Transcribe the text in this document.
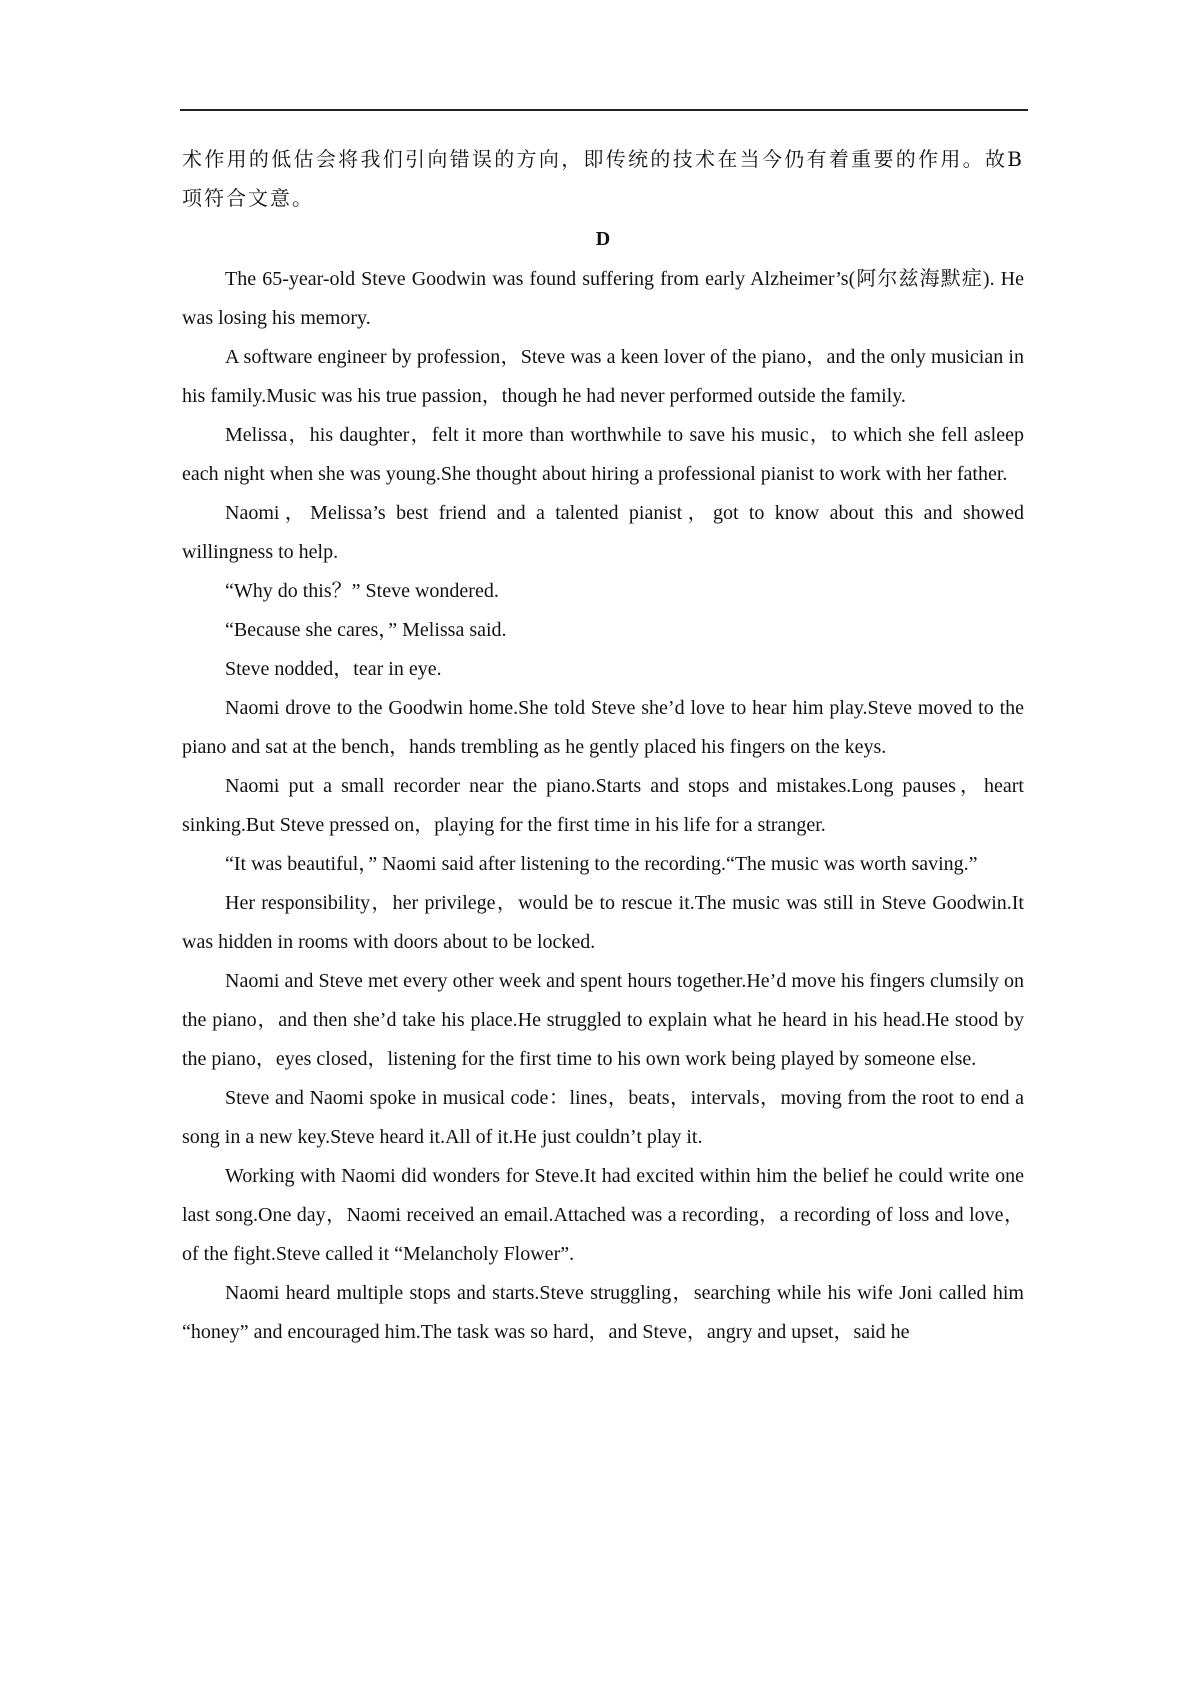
术作用的低估会将我们引向错误的方向，即传统的技术在当今仍有着重要的作用。故B项符合文意。

D

The 65-year-old Steve Goodwin was found suffering from early Alzheimer’s(阿尔兹海默症). He was losing his memory.

A software engineer by profession，Steve was a keen lover of the piano，and the only musician in his family.Music was his true passion，though he had never performed outside the family.

Melissa，his daughter，felt it more than worthwhile to save his music，to which she fell asleep each night when she was young.She thought about hiring a professional pianist to work with her father.

Naomi，Melissa’s best friend and a talented pianist，got to know about this and showed willingness to help.

“Why do this？” Steve wondered.

“Because she cares，” Melissa said.

Steve nodded，tear in eye.

Naomi drove to the Goodwin home.She told Steve she’d love to hear him play.Steve moved to the piano and sat at the bench，hands trembling as he gently placed his fingers on the keys.

Naomi put a small recorder near the piano.Starts and stops and mistakes.Long pauses，heart sinking.But Steve pressed on，playing for the first time in his life for a stranger.

“It was beautiful，” Naomi said after listening to the recording.“The music was worth saving.”

Her responsibility，her privilege，would be to rescue it.The music was still in Steve Goodwin.It was hidden in rooms with doors about to be locked.

Naomi and Steve met every other week and spent hours together.He’d move his fingers clumsily on the piano，and then she’d take his place.He struggled to explain what he heard in his head.He stood by the piano，eyes closed，listening for the first time to his own work being played by someone else.

Steve and Naomi spoke in musical code：lines，beats，intervals，moving from the root to end a song in a new key.Steve heard it.All of it.He just couldn’t play it.

Working with Naomi did wonders for Steve.It had excited within him the belief he could write one last song.One day，Naomi received an email.Attached was a recording，a recording of loss and love，of the fight.Steve called it “Melancholy Flower”.

Naomi heard multiple stops and starts.Steve struggling，searching while his wife Joni called him “honey” and encouraged him.The task was so hard，and Steve，angry and upset，said he
